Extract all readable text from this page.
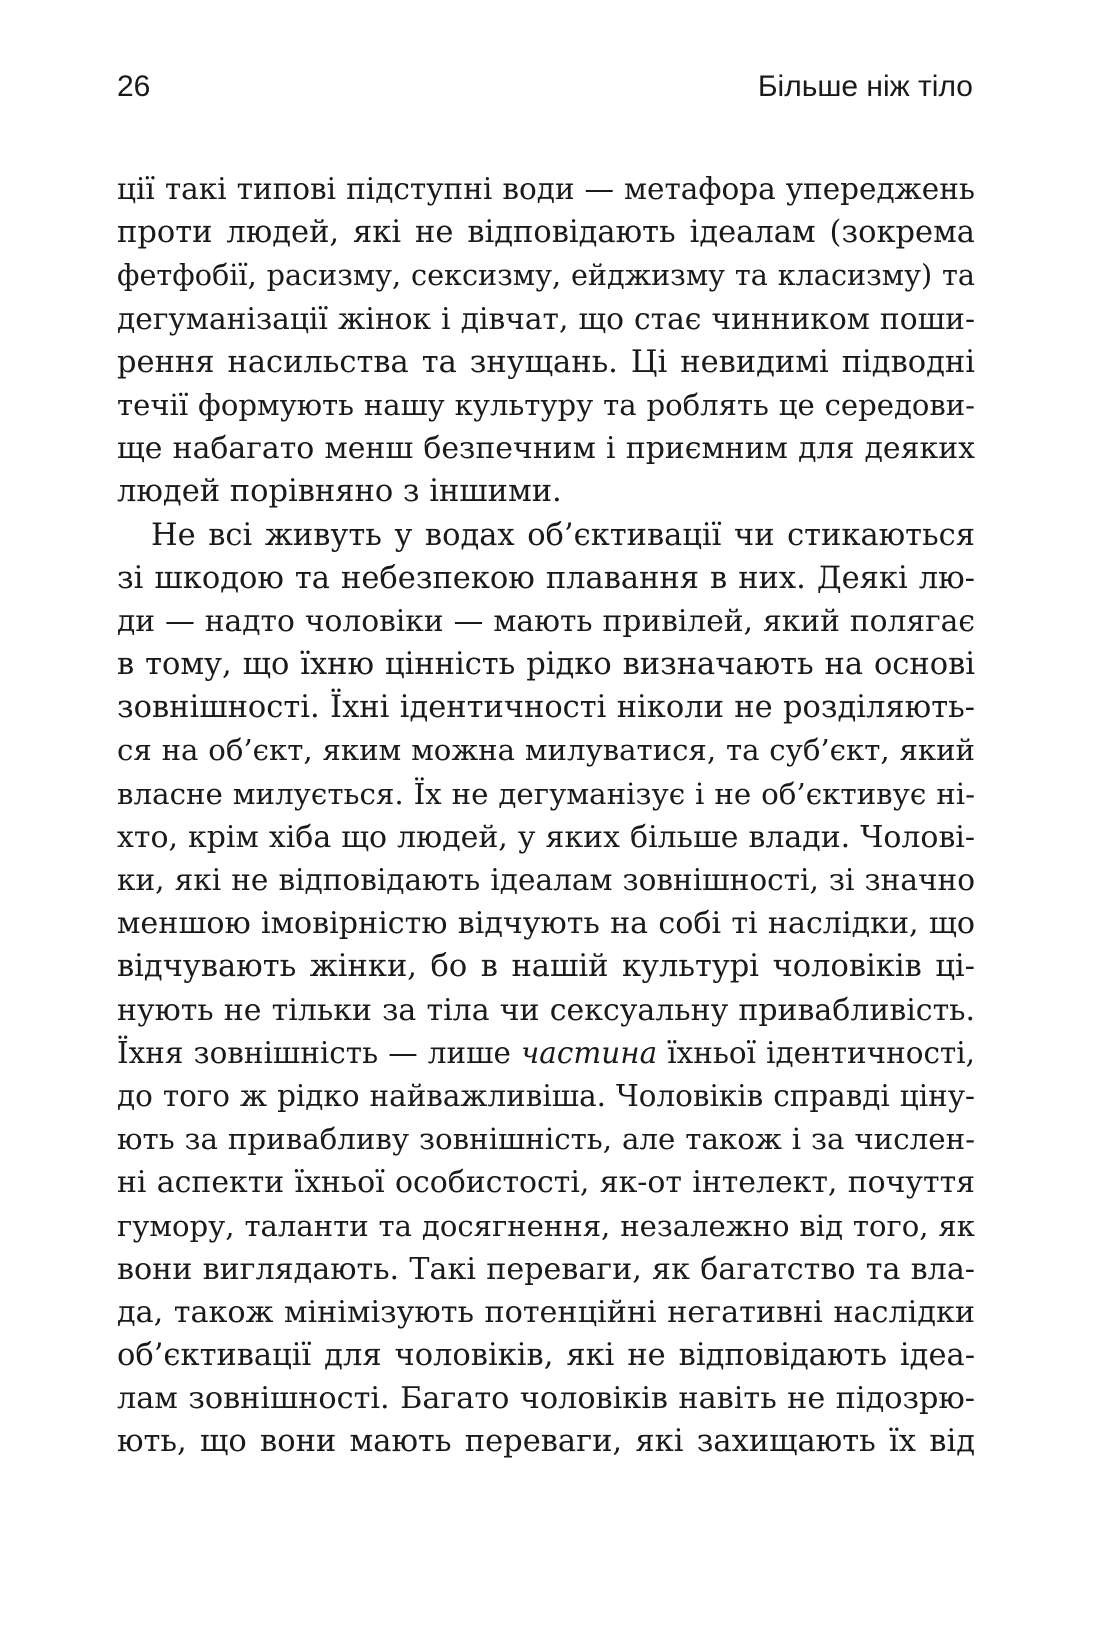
26	Більше ніж тіло
ції такі типові підступні води — метафора упереджень
проти людей, які не відповідають ідеалам (зокрема
фетфобії, расизму, сексизму, ейджизму та класизму) та
дегуманізації жінок і дівчат, що стає чинником поши-
рення насильства та знущань. Ці невидимі підводні
течії формують нашу культуру та роблять це середови-
ще набагато менш безпечним і приємним для деяких
людей порівняно з іншими.
Не всі живуть у водах об’єктивації чи стикаються
зі шкодою та небезпекою плавання в них. Деякі лю-
ди — надто чоловіки — мають привілей, який полягає
в тому, що їхню цінність рідко визначають на основі
зовнішності. Їхні ідентичності ніколи не розділяють-
ся на об’єкт, яким можна милуватися, та суб’єкт, який
власне милується. Їх не дегуманізує і не об’єктивує ні-
хто, крім хіба що людей, у яких більше влади. Чолові-
ки, які не відповідають ідеалам зовнішності, зі значно
меншою імовірністю відчують на собі ті наслідки, що
відчувають жінки, бо в нашій культурі чоловіків ці-
нують не тільки за тіла чи сексуальну привабливість.
Їхня зовнішність — лише частина їхньої ідентичності,
до того ж рідко найважливіша. Чоловіків справді ціну-
ють за привабливу зовнішність, але також і за числен-
ні аспекти їхньої особистості, як-от інтелект, почуття
гумору, таланти та досягнення, незалежно від того, як
вони виглядають. Такі переваги, як багатство та вла-
да, також мінімізують потенційні негативні наслідки
об’єктивації для чоловіків, які не відповідають ідеа-
лам зовнішності. Багато чоловіків навіть не підозрю-
ють, що вони мають переваги, які захищають їх від
